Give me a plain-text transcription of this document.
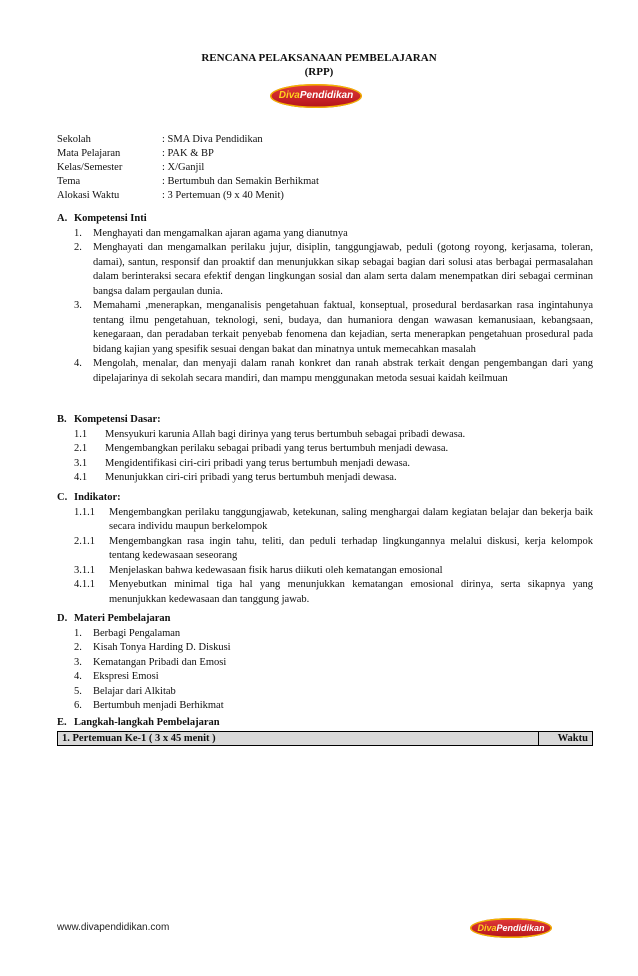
RENCANA PELAKSANAAN PEMBELAJARAN
(RPP)
DivaPendidikan
Sekolah	: SMA Diva Pendidikan
Mata Pelajaran	: PAK & BP
Kelas/Semester	: X/Ganjil
Tema	: Bertumbuh dan Semakin Berhikmat
Alokasi Waktu	: 3 Pertemuan (9 x 40 Menit)
A. Kompetensi Inti
1. Menghayati dan mengamalkan ajaran agama yang dianutnya
2. Menghayati dan mengamalkan perilaku jujur, disiplin, tanggungjawab, peduli (gotong royong, kerjasama, toleran, damai), santun, responsif dan proaktif dan menunjukkan sikap sebagai bagian dari solusi atas berbagai permasalahan dalam berinteraksi secara efektif dengan lingkungan sosial dan alam serta dalam menempatkan diri sebagai cerminan bangsa dalam pergaulan dunia.
3. Memahami ,menerapkan, menganalisis pengetahuan faktual, konseptual, prosedural berdasarkan rasa ingintahunya tentang ilmu pengetahuan, teknologi, seni, budaya, dan humaniora dengan wawasan kemanusiaan, kebangsaan, kenegaraan, dan peradaban terkait penyebab fenomena dan kejadian, serta menerapkan pengetahuan prosedural pada bidang kajian yang spesifik sesuai dengan bakat dan minatnya untuk memecahkan masalah
4. Mengolah, menalar, dan menyaji dalam ranah konkret dan ranah abstrak terkait dengan pengembangan dari yang dipelajarinya di sekolah secara mandiri, dan mampu menggunakan metoda sesuai kaidah keilmuan
B. Kompetensi Dasar:
1.1 Mensyukuri karunia Allah bagi dirinya yang terus bertumbuh sebagai pribadi dewasa.
2.1 Mengembangkan perilaku sebagai pribadi yang terus bertumbuh menjadi dewasa.
3.1 Mengidentifikasi ciri-ciri pribadi yang terus bertumbuh menjadi dewasa.
4.1 Menunjukkan ciri-ciri pribadi yang terus bertumbuh menjadi dewasa.
C. Indikator:
1.1.1 Mengembangkan perilaku tanggungjawab, ketekunan, saling menghargai dalam kegiatan belajar dan bekerja baik secara individu maupun berkelompok
2.1.1 Mengembangkan rasa ingin tahu, teliti, dan peduli terhadap lingkungannya melalui diskusi, kerja kelompok tentang kedewasaan seseorang
3.1.1 Menjelaskan bahwa kedewasaan fisik harus diikuti oleh kematangan emosional
4.1.1 Menyebutkan minimal tiga hal yang menunjukkan kematangan emosional dirinya, serta sikapnya yang menunjukkan kedewasaan dan tanggung jawab.
D. Materi Pembelajaran
1. Berbagi Pengalaman
2. Kisah Tonya Harding D. Diskusi
3. Kematangan Pribadi dan Emosi
4. Ekspresi Emosi
5. Belajar dari Alkitab
6. Bertumbuh menjadi Berhikmat
E. Langkah-langkah Pembelajaran
1. Pertemuan Ke-1 ( 3 x 45 menit )	Waktu
www.divapendidikan.com	DivaPendidikan
